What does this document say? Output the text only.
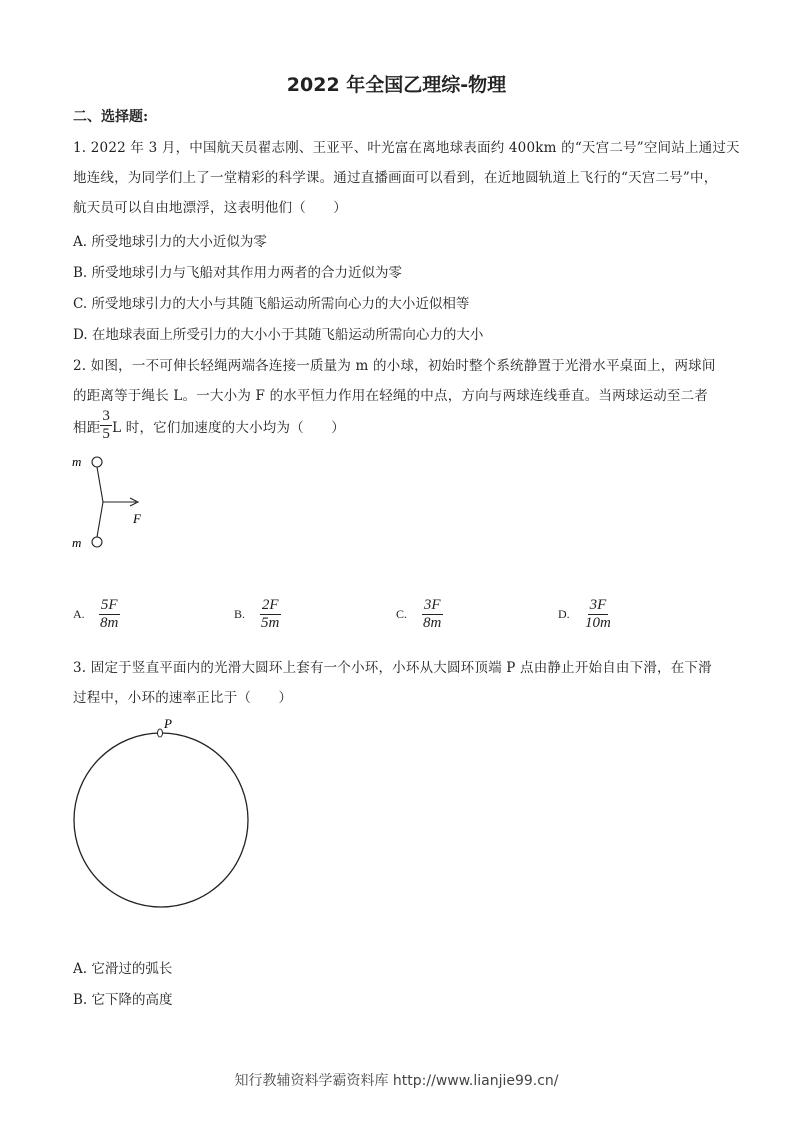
2022 年全国乙理综-物理
二、选择题:
1. 2022 年 3 月，中国航天员翟志刚、王亚平、叶光富在离地球表面约 400km 的“天宫二号”空间站上通过天
地连线，为同学们上了一堂精彩的科学课。通过直播画面可以看到，在近地圆轨道上飞行的“天宫二号”中，
航天员可以自由地漂浮，这表明他们（　　）
A. 所受地球引力的大小近似为零
B. 所受地球引力与飞船对其作用力两者的合力近似为零
C. 所受地球引力的大小与其随飞船运动所需向心力的大小近似相等
D. 在地球表面上所受引力的大小小于其随飞船运动所需向心力的大小
2. 如图，一不可伸长轻绳两端各连接一质量为 m 的小球，初始时整个系统静置于光滑水平桌面上，两球间
的距离等于绳长 L。一大小为 F 的水平恒力作用在轻绳的中点，方向与两球连线垂直。当两球运动至二者
相距 $\frac{3}{5}$ L 时，它们加速度的大小均为（　　）
m
m
F
A. $\frac{5F}{8m}$	B. $\frac{2F}{5m}$	C. $\frac{3F}{8m}$	D. $\frac{3F}{10m}$
3. 固定于竖直平面内的光滑大圆环上套有一个小环，小环从大圆环顶端 P 点由静止开始自由下滑，在下滑
过程中，小环的速率正比于（　　）
P
A. 它滑过的弧长
B. 它下降的高度
知行教辅资料学霸资料库 http://www.lianjie99.cn/
